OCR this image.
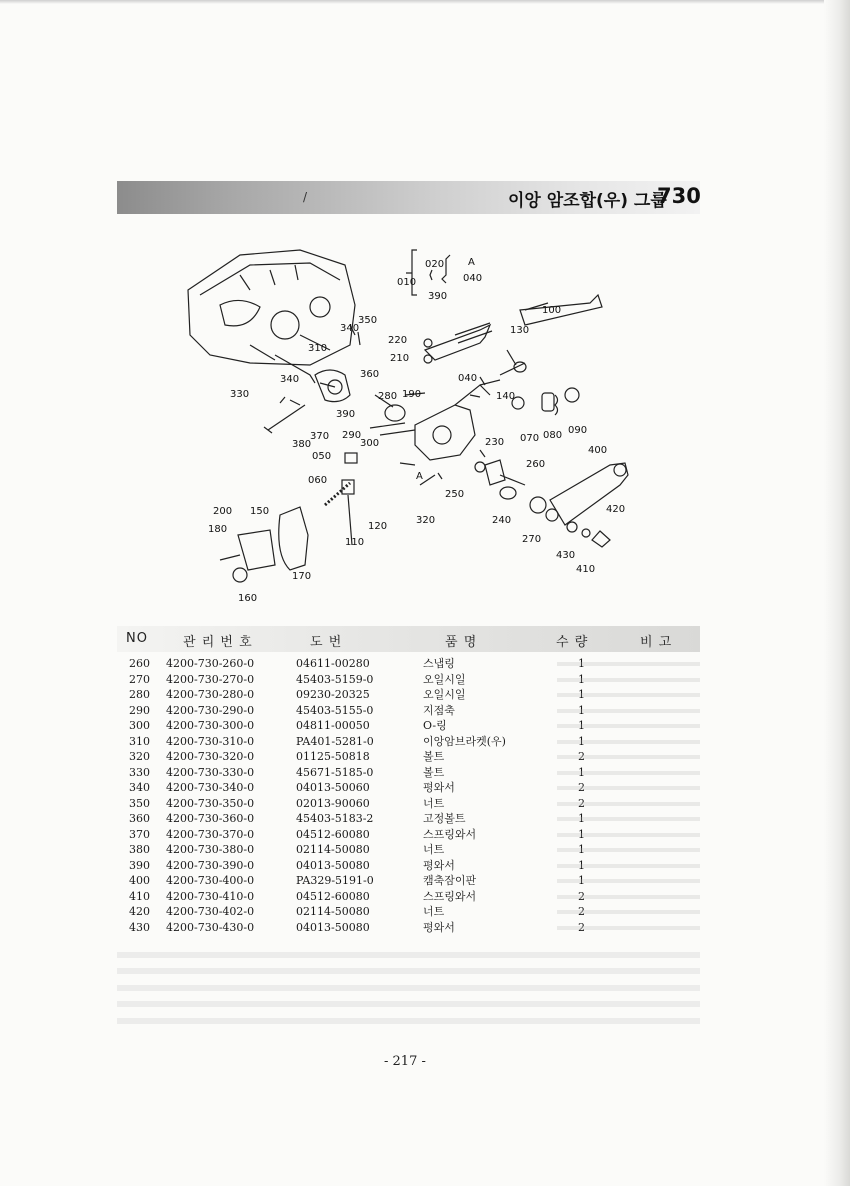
/	이앙 암조합(우) 그룹
730
010
020 A
040
390
100
130
350
340
220
210
310
360
340
330
390
280 190
040
140
380
370 290
300	070 080 090
230
400
050
060
260
A
250
320
200 150
180	120
110
240
420
270
430
410
170
160
NO	관 리 번 호	도 번	품 명	수 량	비 고
260 4200-730-260-0	04611-00280	스냅링	1
270 4200-730-270-0	45403-5159-0	오일시일	1
280 4200-730-280-0	09230-20325	오일시일	1
290 4200-730-290-0	45403-5155-0	지점축	1
300 4200-730-300-0	04811-00050	O-링	1
310 4200-730-310-0	PA401-5281-0	이앙암브라켓(우)	1
320 4200-730-320-0	01125-50818	볼트	2
330 4200-730-330-0	45671-5185-0	볼트	1
340 4200-730-340-0	04013-50060	평와서	2
350 4200-730-350-0	02013-90060	너트	2
360 4200-730-360-0	45403-5183-2	고정볼트	1
370 4200-730-370-0	04512-60080	스프링와서	1
380 4200-730-380-0	02114-50080	너트	1
390 4200-730-390-0	04013-50080	평와서	1
400 4200-730-400-0	PA329-5191-0	캠축잠이판	1
410 4200-730-410-0	04512-60080	스프링와서	2
420 4200-730-402-0	02114-50080	너트	2
430 4200-730-430-0	04013-50080	평와서	2
- 217 -
